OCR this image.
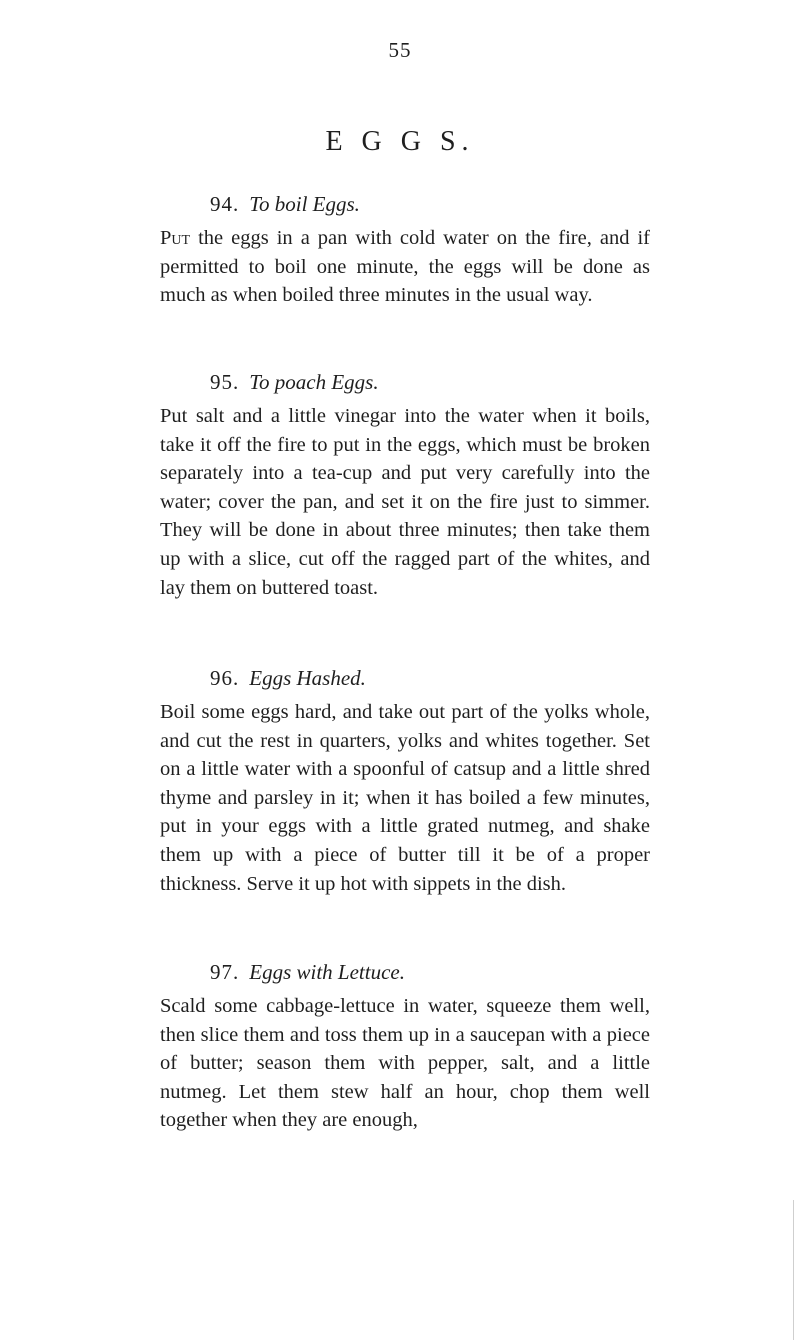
55
E G G S.
94. To boil Eggs.

Put the eggs in a pan with cold water on the fire, and if permitted to boil one minute, the eggs will be done as much as when boiled three minutes in the usual way.

95. To poach Eggs.

Put salt and a little vinegar into the water when it boils, take it off the fire to put in the eggs, which must be broken separately into a tea-cup and put very carefully into the water; cover the pan, and set it on the fire just to simmer. They will be done in about three minutes; then take them up with a slice, cut off the ragged part of the whites, and lay them on buttered toast.

96. Eggs Hashed.

Boil some eggs hard, and take out part of the yolks whole, and cut the rest in quarters, yolks and whites together. Set on a little water with a spoonful of catsup and a little shred thyme and parsley in it; when it has boiled a few minutes, put in your eggs with a little grated nutmeg, and shake them up with a piece of butter till it be of a proper thickness. Serve it up hot with sippets in the dish.

97. Eggs with Lettuce.

Scald some cabbage-lettuce in water, squeeze them well, then slice them and toss them up in a saucepan with a piece of butter; season them with pepper, salt, and a little nutmeg. Let them stew half an hour, chop them well together when they are enough,
